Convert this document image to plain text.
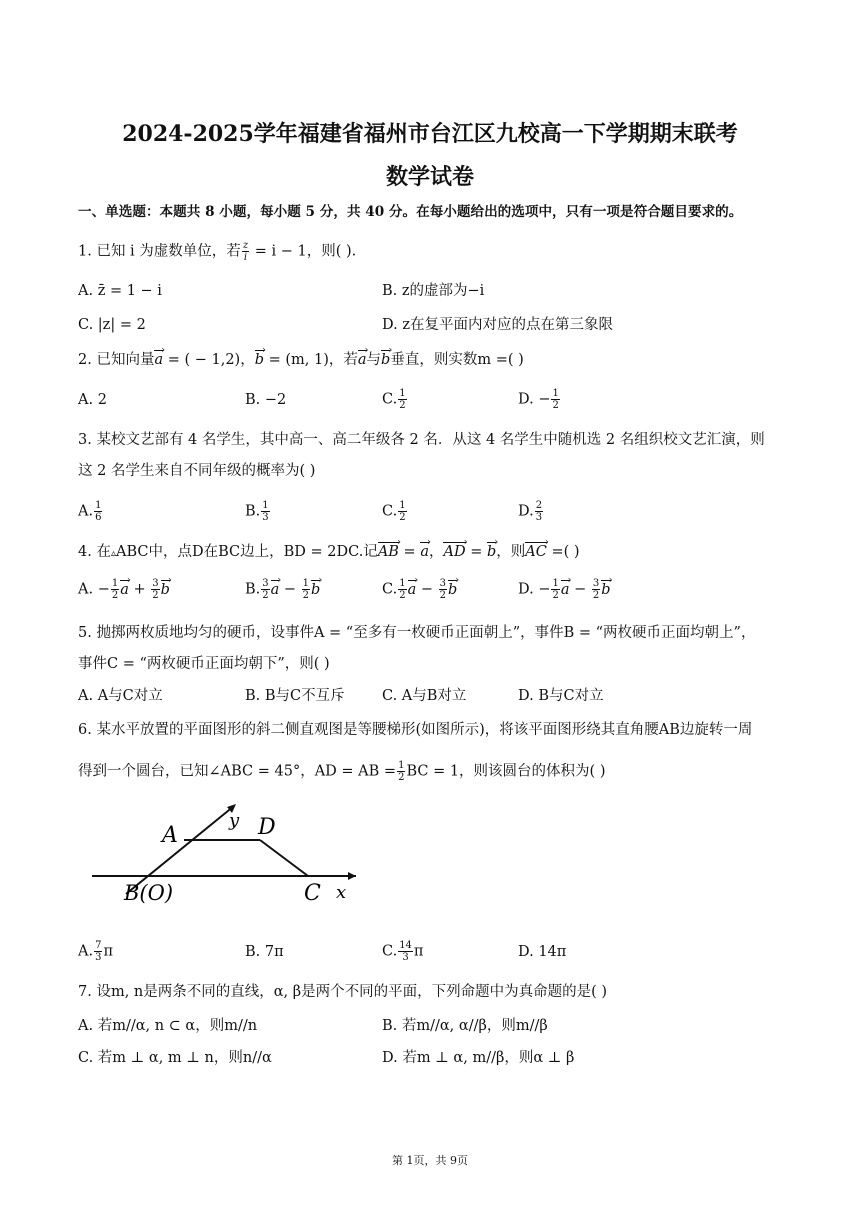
2024-2025学年福建省福州市台江区九校高一下学期期末联考
数学试卷
一、单选题：本题共 8 小题，每小题 5 分，共 40 分。在每小题给出的选项中，只有一项是符合题目要求的。
1. 已知 i 为虚数单位，若 $\frac{z}{i} = i - 1$，则( ).
A. z̄ = 1 − i	B. z的虚部为−i
C. |z| = 2	D. z在复平面内对应的点在第三象限
2. 已知向量a › = ( − 1,2)，b › = (m, 1)，若a ›与b ›垂直，则实数m =( )
A. 2	B. −2	C. $\frac{1}{2}$	D. − $\frac{1}{2}$
3. 某校文艺部有 4 名学生，其中高一、高二年级各 2 名．从这 4 名学生中随机选 2 名组织校文艺汇演，则
这 2 名学生来自不同年级的概率为( )
A. $\frac{1}{6}$	B. $\frac{1}{3}$	C. $\frac{1}{2}$	D. $\frac{2}{3}$
4. 在▵ABC中，点D在BC边上，BD = 2DC.记AB › = a ›，AD › = b ›，则AC › =( )
A. − $\frac{1}{2}$ a › + $\frac{3}{2}$ b ›	B. $\frac{3}{2}$ a › − $\frac{1}{2}$ b ›	C. $\frac{1}{2}$ a › − $\frac{3}{2}$ b ›	D. − $\frac{1}{2}$ a › − $\frac{3}{2}$ b ›
5. 抛掷两枚质地均匀的硬币，设事件A = “至多有一枚硬币正面朝上”，事件B = “两枚硬币正面均朝上”，
事件C = “两枚硬币正面均朝下”，则( )
A. A与C对立	B. B与C不互斥	C. A与B对立	D. B与C对立
6. 某水平放置的平面图形的斜二侧直观图是等腰梯形(如图所示)，将该平面图形绕其直角腰AB边旋转一周
得到一个圆台，已知∠ABC = 45°，AD = AB = $\frac{1}{2}$ BC = 1，则该圆台的体积为( )
A	D
y
B(O)	C x
A. $\frac{7}{3}$ π	B. 7π	C. $\frac{14}{3}$ π	D. 14π
7. 设m, n是两条不同的直线，α, β是两个不同的平面，下列命题中为真命题的是( )
A. 若m//α, n ⊂ α，则m//n	B. 若m//α, α//β，则m//β
C. 若m ⊥ α, m ⊥ n，则n//α	D. 若m ⊥ α, m//β，则α ⊥ β
第 1页，共 9页
